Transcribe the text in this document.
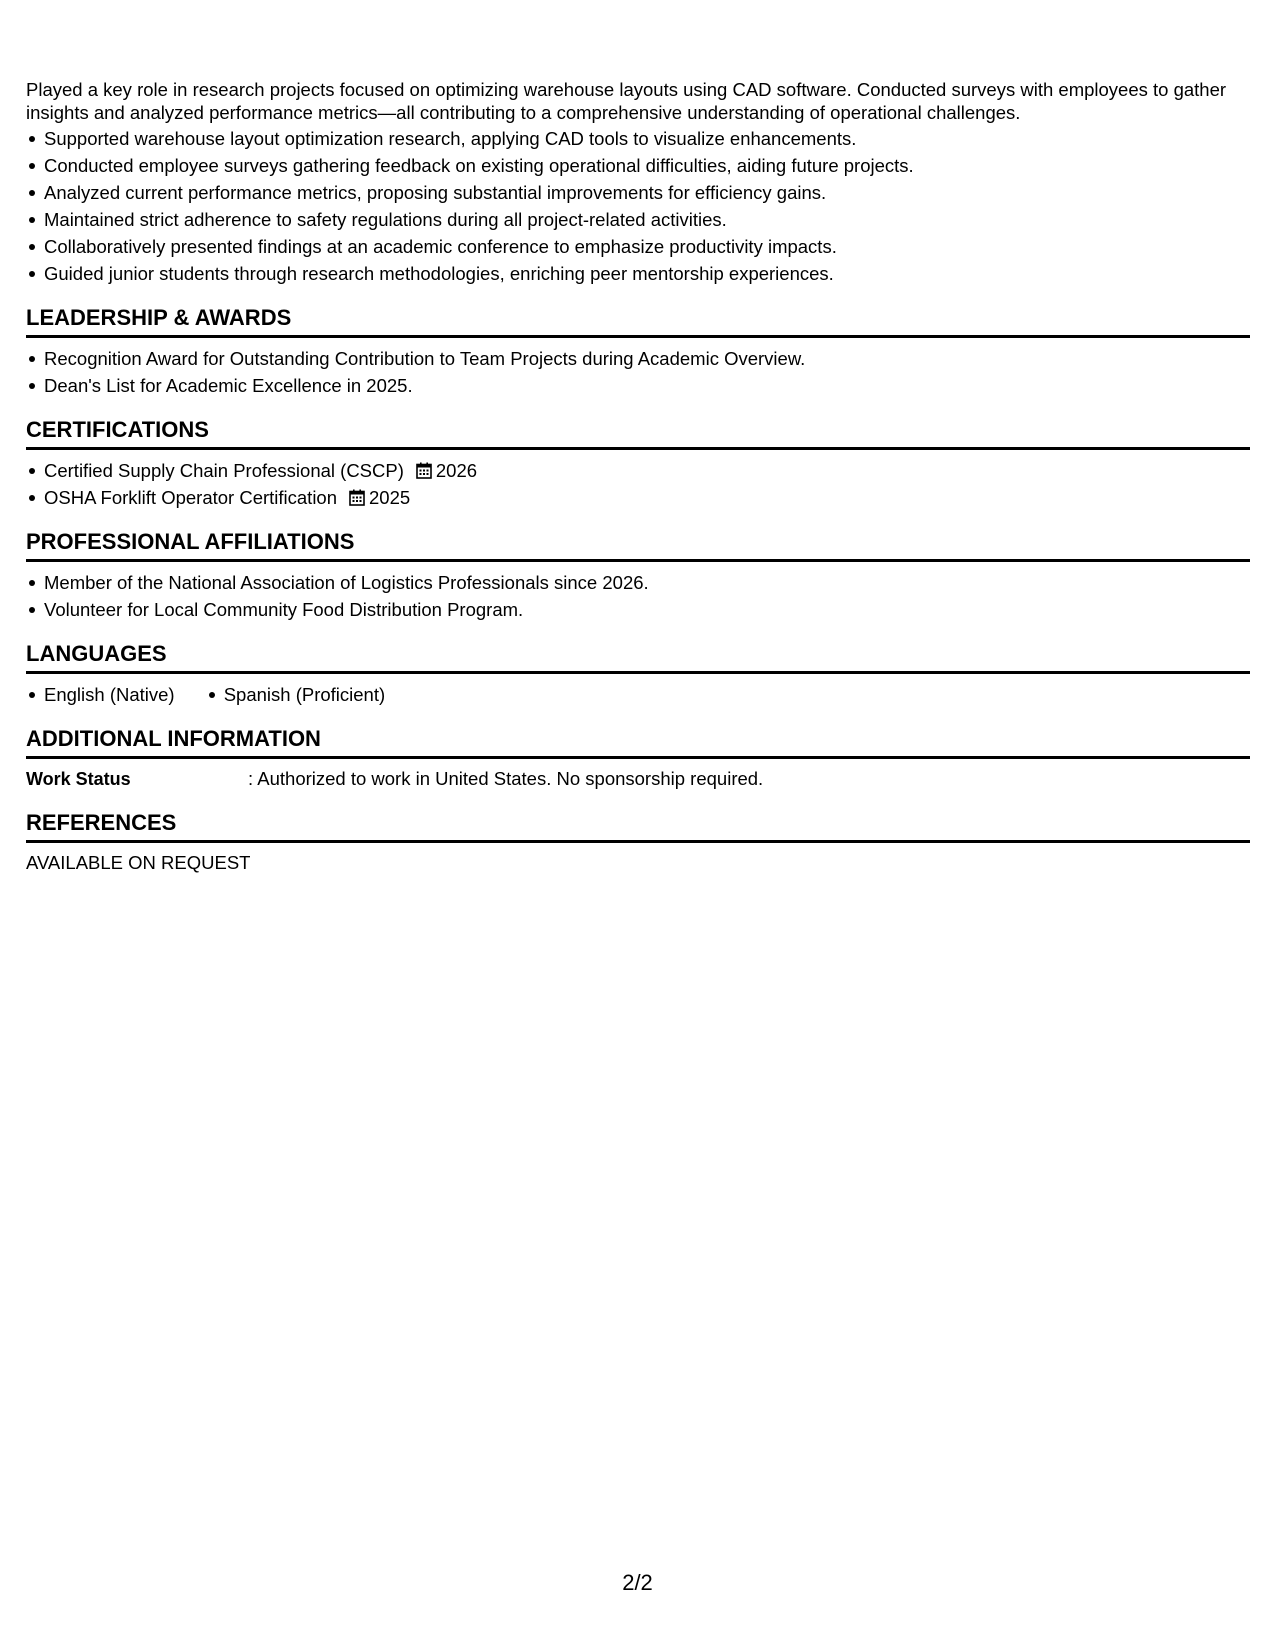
Played a key role in research projects focused on optimizing warehouse layouts using CAD software. Conducted surveys with employees to gather insights and analyzed performance metrics—all contributing to a comprehensive understanding of operational challenges.

Supported warehouse layout optimization research, applying CAD tools to visualize enhancements.
Conducted employee surveys gathering feedback on existing operational difficulties, aiding future projects.
Analyzed current performance metrics, proposing substantial improvements for efficiency gains.
Maintained strict adherence to safety regulations during all project-related activities.
Collaboratively presented findings at an academic conference to emphasize productivity impacts.
Guided junior students through research methodologies, enriching peer mentorship experiences.
LEADERSHIP & AWARDS
Recognition Award for Outstanding Contribution to Team Projects during Academic Overview.
Dean's List for Academic Excellence in 2025.
CERTIFICATIONS
Certified Supply Chain Professional (CSCP) 2026
OSHA Forklift Operator Certification 2025
PROFESSIONAL AFFILIATIONS
Member of the National Association of Logistics Professionals since 2026.
Volunteer for Local Community Food Distribution Program.
LANGUAGES
English (Native)	Spanish (Proficient)
ADDITIONAL INFORMATION
Work Status	: Authorized to work in United States. No sponsorship required.
REFERENCES
AVAILABLE ON REQUEST
2/2
